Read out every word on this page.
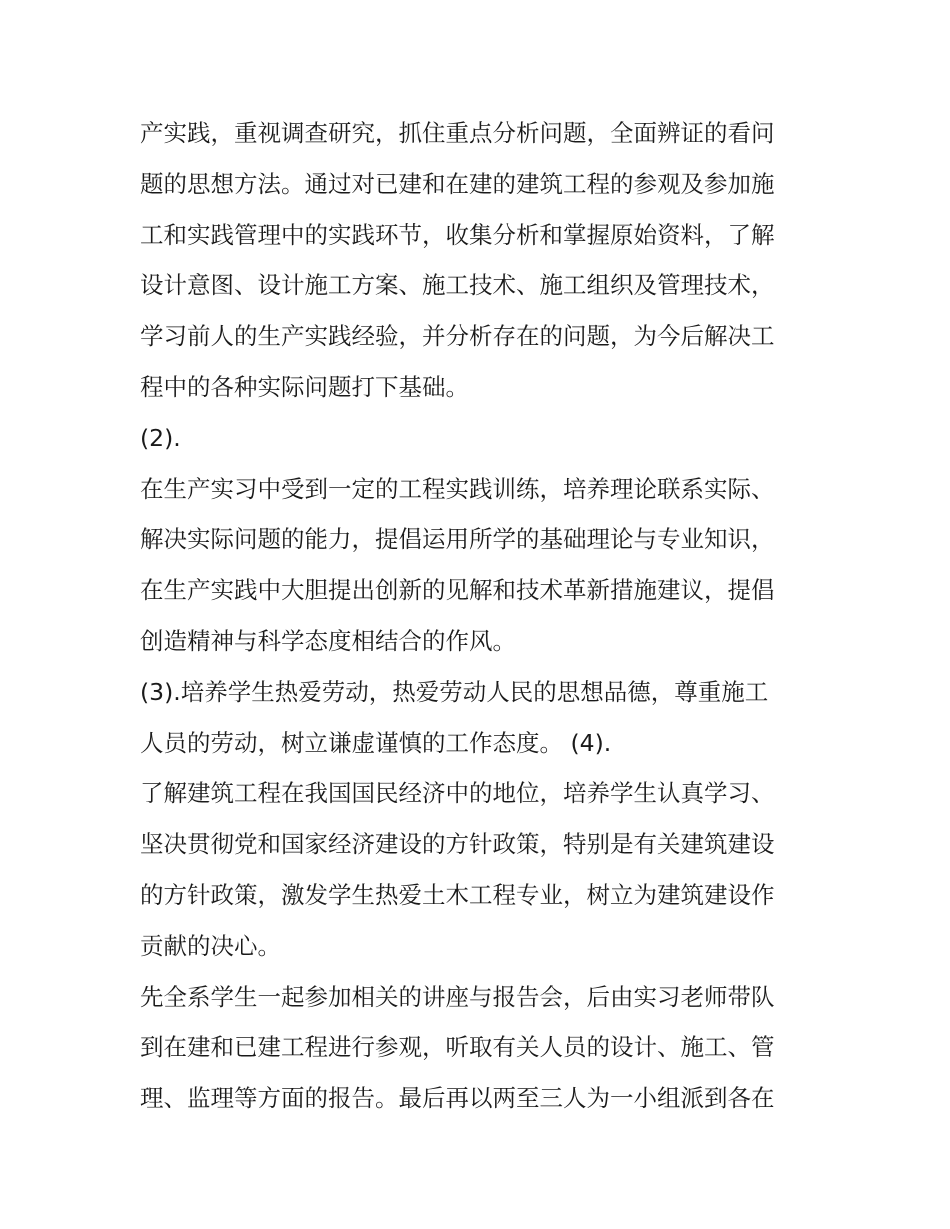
产实践，重视调查研究，抓住重点分析问题，全面辨证的看问
题的思想方法。通过对已建和在建的建筑工程的参观及参加施
工和实践管理中的实践环节，收集分析和掌握原始资料，了解
设计意图、设计施工方案、施工技术、施工组织及管理技术，
学习前人的生产实践经验，并分析存在的问题，为今后解决工
程中的各种实际问题打下基础。
(2).
在生产实习中受到一定的工程实践训练，培养理论联系实际、
解决实际问题的能力，提倡运用所学的基础理论与专业知识，
在生产实践中大胆提出创新的见解和技术革新措施建议，提倡
创造精神与科学态度相结合的作风。
(3).培养学生热爱劳动，热爱劳动人民的思想品德，尊重施工
人员的劳动，树立谦虚谨慎的工作态度。 (4).
了解建筑工程在我国国民经济中的地位，培养学生认真学习、
坚决贯彻党和国家经济建设的方针政策，特别是有关建筑建设
的方针政策，激发学生热爱土木工程专业，树立为建筑建设作
贡献的决心。
先全系学生一起参加相关的讲座与报告会，后由实习老师带队
到在建和已建工程进行参观，听取有关人员的设计、施工、管
理、监理等方面的报告。最后再以两至三人为一小组派到各在
